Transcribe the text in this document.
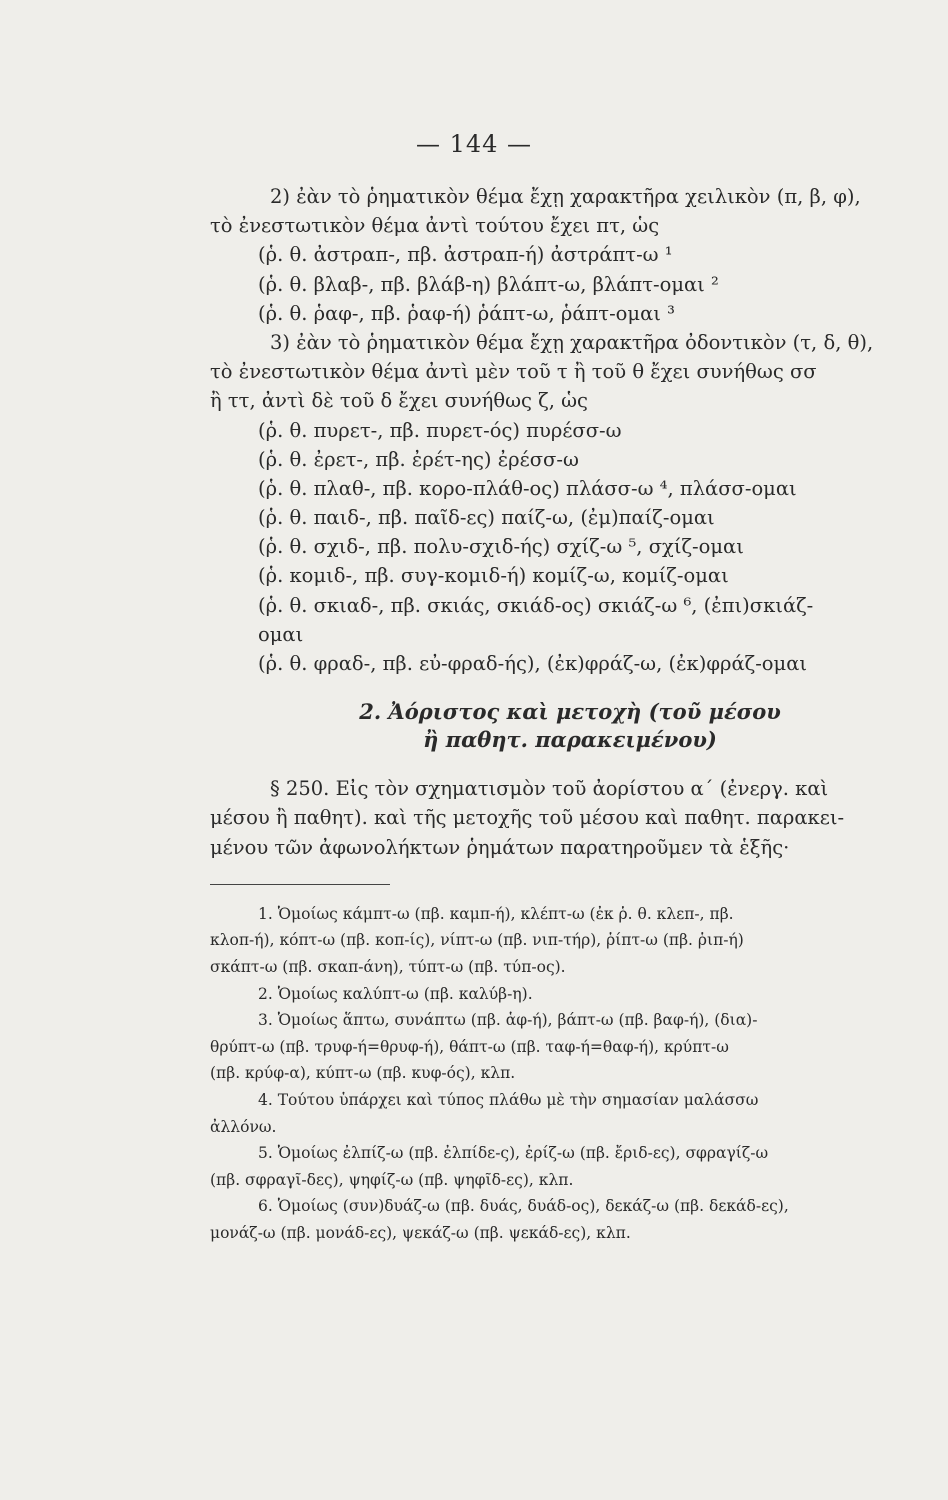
— 144 —
2) ἐὰν τὸ ῥηματικὸν θέμα ἔχῃ χαρακτῆρα χειλικὸν (π, β, φ),
τὸ ἐνεστωτικὸν θέμα ἀντὶ τούτου ἔχει πτ, ὡς
(ῥ. θ. ἀστραπ-, πβ. ἀστραπ-ή) ἀστράπτ-ω ¹
(ῥ. θ. βλαβ-, πβ. βλάβ-η) βλάπτ-ω, βλάπτ-ομαι ²
(ῥ. θ. ῥαφ-, πβ. ῥαφ-ή) ῥάπτ-ω, ῥάπτ-ομαι ³
3) ἐὰν τὸ ῥηματικὸν θέμα ἔχῃ χαρακτῆρα ὀδοντικὸν (τ, δ, θ),
τὸ ἐνεστωτικὸν θέμα ἀντὶ μὲν τοῦ τ ἢ τοῦ θ ἔχει συνήθως σσ
ἢ ττ, ἀντὶ δὲ τοῦ δ ἔχει συνήθως ζ, ὡς
(ῥ. θ. πυρετ-, πβ. πυρετ-ός) πυρέσσ-ω
(ῥ. θ. ἐρετ-, πβ. ἐρέτ-ης) ἐρέσσ-ω
(ῥ. θ. πλαθ-, πβ. κορο-πλάθ-ος) πλάσσ-ω ⁴, πλάσσ-ομαι
(ῥ. θ. παιδ-, πβ. παῖδ-ες) παίζ-ω, (ἐμ)παίζ-ομαι
(ῥ. θ. σχιδ-, πβ. πολυ-σχιδ-ής) σχίζ-ω ⁵, σχίζ-ομαι
(ῥ. κομιδ-, πβ. συγ-κομιδ-ή) κομίζ-ω, κομίζ-ομαι
(ῥ. θ. σκιαδ-, πβ. σκιάς, σκιάδ-ος) σκιάζ-ω ⁶, (ἐπι)σκιάζ-
ομαι
(ῥ. θ. φραδ-, πβ. εὐ-φραδ-ής), (ἐκ)φράζ-ω, (ἐκ)φράζ-ομαι
2. Ἀόριστος καὶ μετοχὴ (τοῦ μέσου
ἢ παθητ. παρακειμένου)
§ 250. Εἰς τὸν σχηματισμὸν τοῦ ἀορίστου α΄ (ἐνεργ. καὶ
μέσου ἢ παθητ). καὶ τῆς μετοχῆς τοῦ μέσου καὶ παθητ. παρακει-
μένου τῶν ἀφωνολήκτων ῥημάτων παρατηροῦμεν τὰ ἑξῆς·
1. Ὁμοίως κάμπτ-ω (πβ. καμπ-ή), κλέπτ-ω (ἐκ ῥ. θ. κλεπ-, πβ.
κλοπ-ή), κόπτ-ω (πβ. κοπ-ίς), νίπτ-ω (πβ. νιπ-τήρ), ῥίπτ-ω (πβ. ῥιπ-ή)
σκάπτ-ω (πβ. σκαπ-άνη), τύπτ-ω (πβ. τύπ-ος).
2. Ὁμοίως καλύπτ-ω (πβ. καλύβ-η).
3. Ὁμοίως ἅπτω, συνάπτω (πβ. ἁφ-ή), βάπτ-ω (πβ. βαφ-ή), (δια)-
θρύπτ-ω (πβ. τρυφ-ή=θρυφ-ή), θάπτ-ω (πβ. ταφ-ή=θαφ-ή), κρύπτ-ω
(πβ. κρύφ-α), κύπτ-ω (πβ. κυφ-ός), κλπ.
4. Τούτου ὑπάρχει καὶ τύπος πλάθω μὲ τὴν σημασίαν μαλάσσω
ἀλλόνω.
5. Ὁμοίως ἐλπίζ-ω (πβ. ἐλπίδε-ς), ἐρίζ-ω (πβ. ἔριδ-ες), σφραγίζ-ω
(πβ. σφραγῖ-δες), ψηφίζ-ω (πβ. ψηφῖδ-ες), κλπ.
6. Ὁμοίως (συν)δυάζ-ω (πβ. δυάς, δυάδ-ος), δεκάζ-ω (πβ. δεκάδ-ες),
μονάζ-ω (πβ. μονάδ-ες), ψεκάζ-ω (πβ. ψεκάδ-ες), κλπ.
